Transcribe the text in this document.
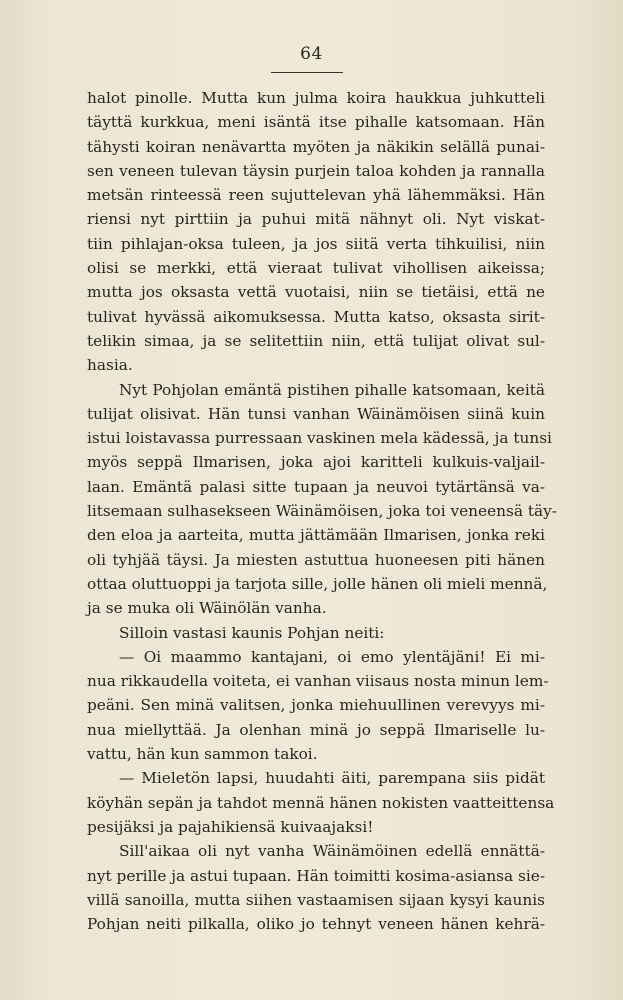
64
halot pinolle. Mutta kun julma koira haukkua juhkutteli
täyttä kurkkua, meni isäntä itse pihalle katsomaan. Hän
tähysti koiran nenävartta myöten ja näkikin selällä punai-
sen veneen tulevan täysin purjein taloa kohden ja rannalla
metsän rinteessä reen sujuttelevan yhä lähemmäksi. Hän
riensi nyt pirttiin ja puhui mitä nähnyt oli. Nyt viskat-
tiin pihlajan-oksa tuleen, ja jos siitä verta tihkuilisi, niin
olisi se merkki, että vieraat tulivat vihollisen aikeissa;
mutta jos oksasta vettä vuotaisi, niin se tietäisi, että ne
tulivat hyvässä aikomuksessa. Mutta katso, oksasta sirit-
telikin simaa, ja se selitettiin niin, että tulijat olivat sul-
hasia.
Nyt Pohjolan emäntä pistihen pihalle katsomaan, keitä
tulijat olisivat. Hän tunsi vanhan Wäinämöisen siinä kuin
istui loistavassa purressaan vaskinen mela kädessä, ja tunsi
myös seppä Ilmarisen, joka ajoi karitteli kulkuis-valjail-
laan. Emäntä palasi sitte tupaan ja neuvoi tytärtänsä va-
litsemaan sulhasekseen Wäinämöisen, joka toi veneensä täy-
den eloa ja aarteita, mutta jättämään Ilmarisen, jonka reki
oli tyhjää täysi. Ja miesten astuttua huoneesen piti hänen
ottaa oluttuoppi ja tarjota sille, jolle hänen oli mieli mennä,
ja se muka oli Wäinölän vanha.
Silloin vastasi kaunis Pohjan neiti:
— Oi maammo kantajani, oi emo ylentäjäni! Ei mi-
nua rikkaudella voiteta, ei vanhan viisaus nosta minun lem-
peäni. Sen minä valitsen, jonka miehuullinen verevyys mi-
nua miellyttää. Ja olenhan minä jo seppä Ilmariselle lu-
vattu, hän kun sammon takoi.
— Mieletön lapsi, huudahti äiti, parempana siis pidät
köyhän sepän ja tahdot mennä hänen nokisten vaatteittensa
pesijäksi ja pajahikiensä kuivaajaksi!
Sill'aikaa oli nyt vanha Wäinämöinen edellä ennättä-
nyt perille ja astui tupaan. Hän toimitti kosima-asiansa sie-
villä sanoilla, mutta siihen vastaamisen sijaan kysyi kaunis
Pohjan neiti pilkalla, oliko jo tehnyt veneen hänen kehrä-
